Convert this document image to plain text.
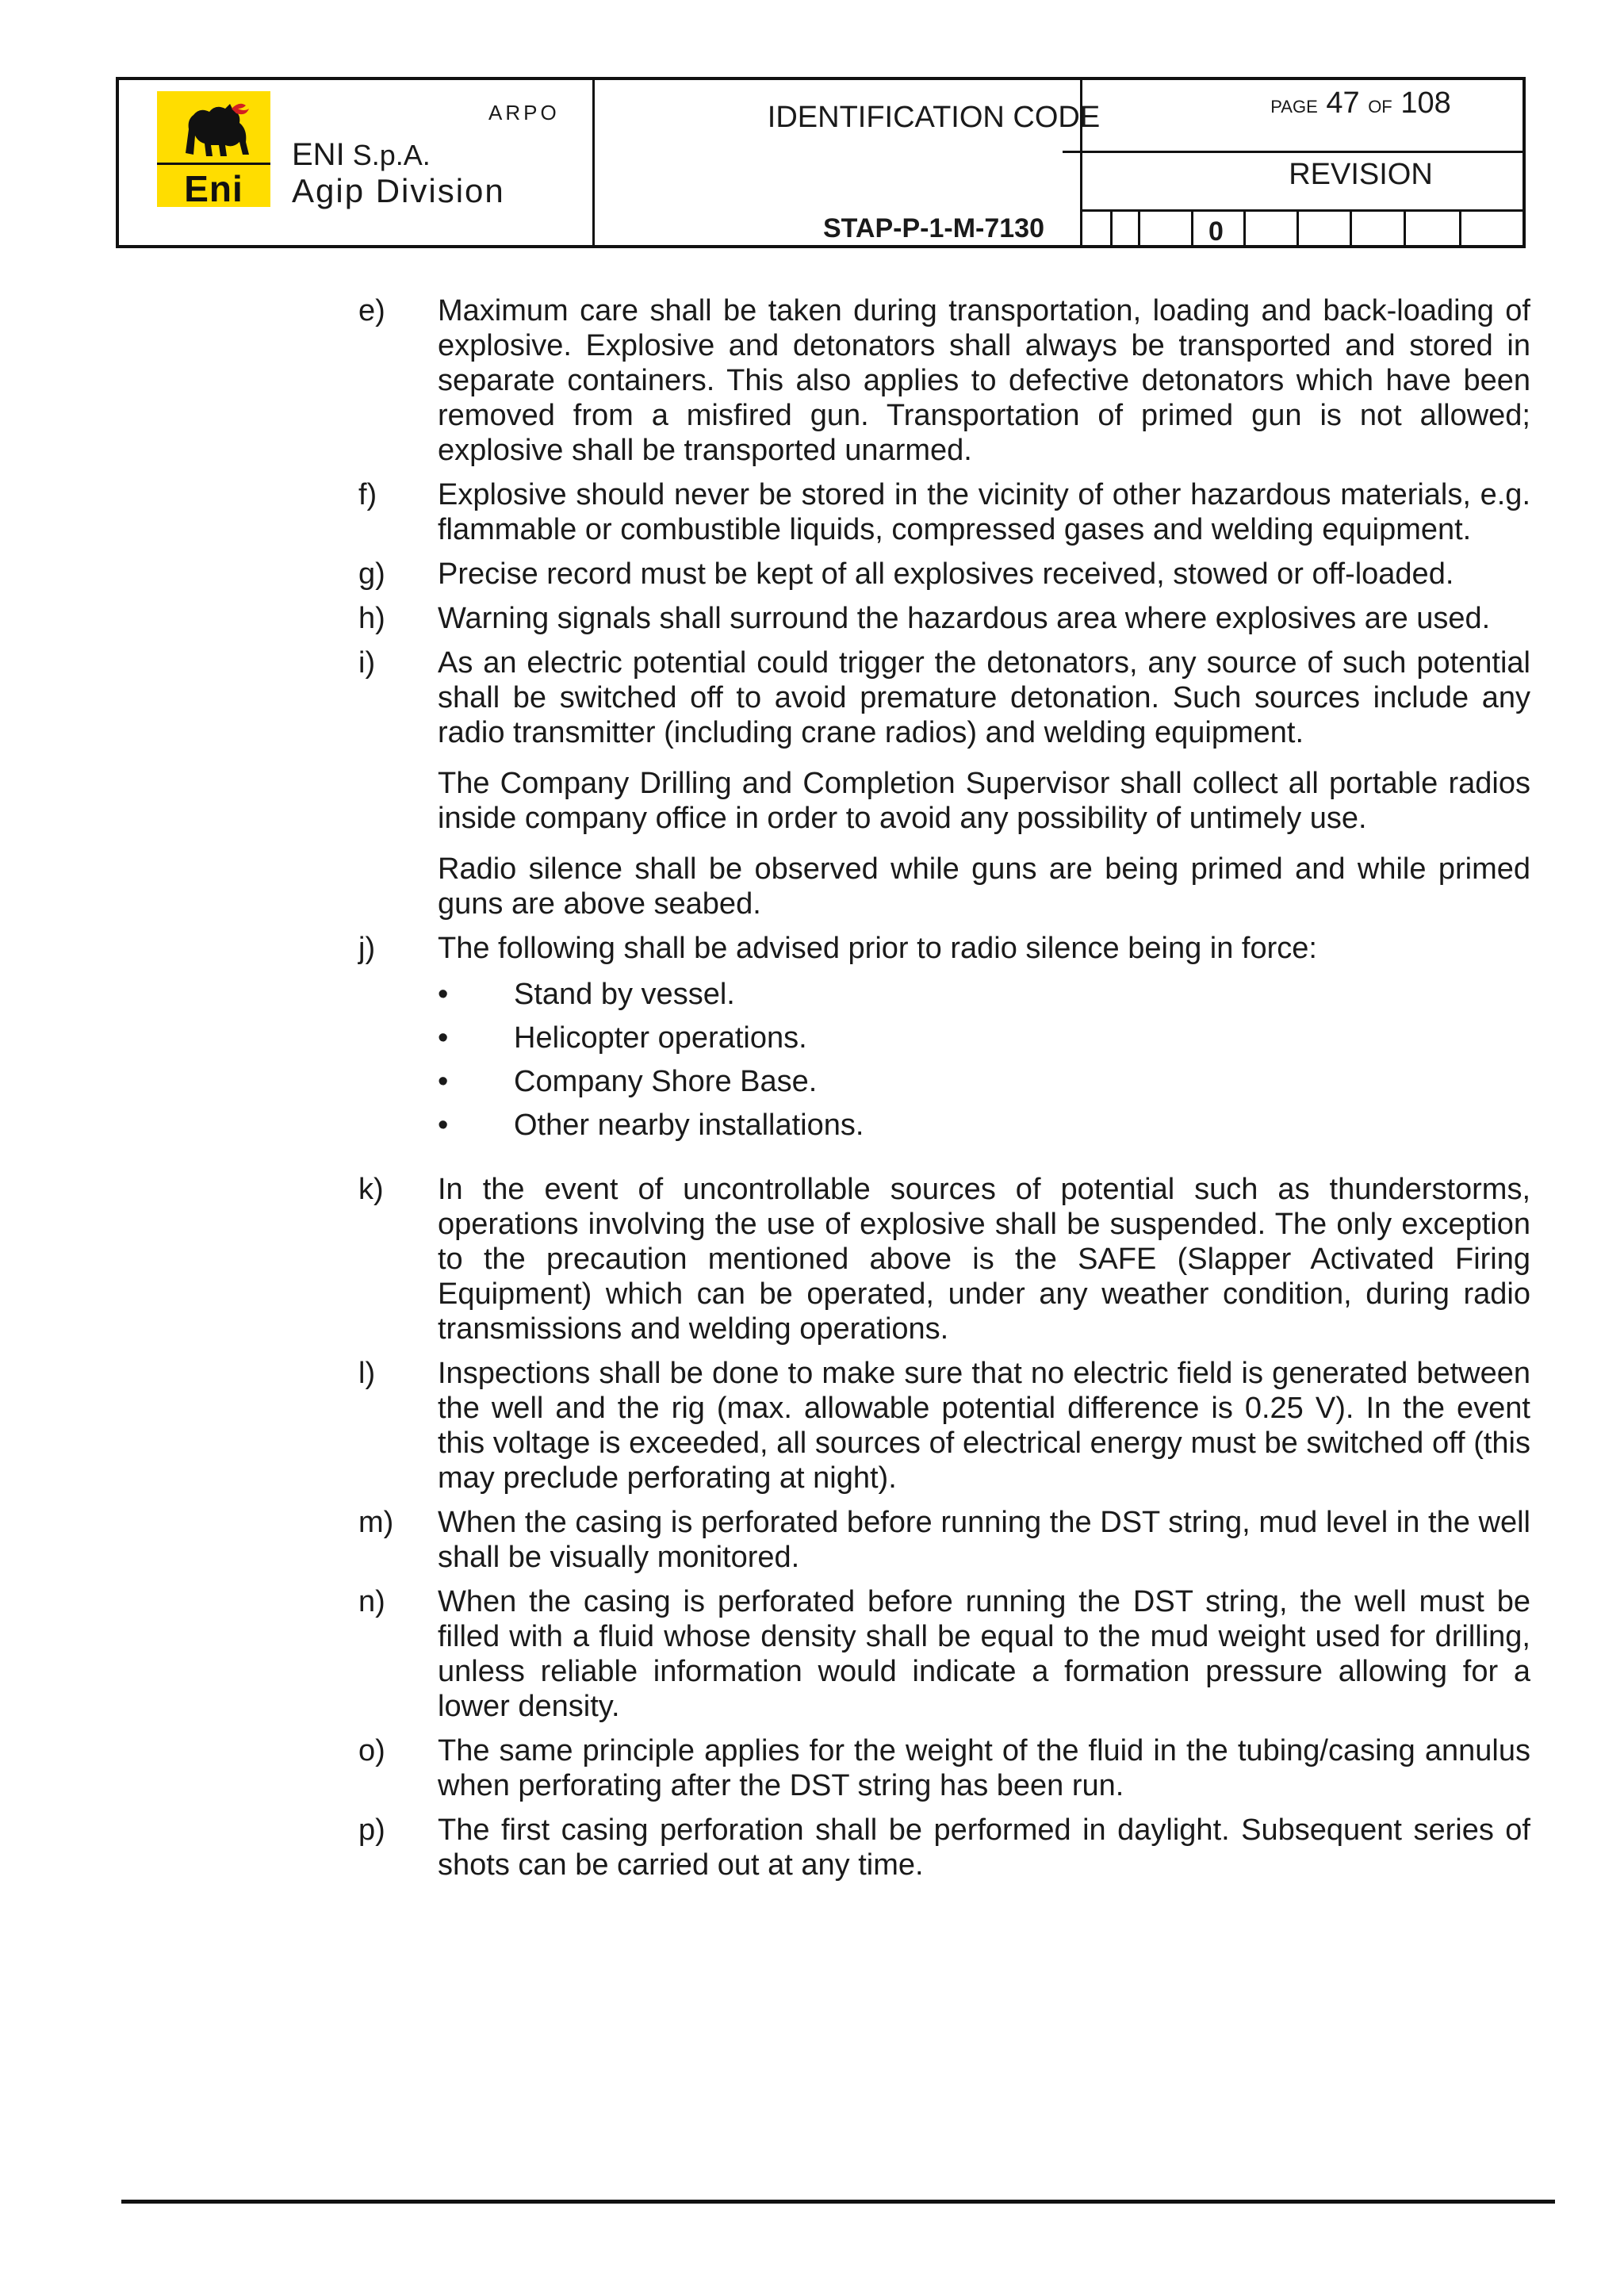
Eni
ARPO
ENI S.p.A.
Agip Division
IDENTIFICATION CODE
STAP-P-1-M-7130
PAGE 47 OF 108
REVISION
0
e) Maximum care shall be taken during transportation, loading and back-loading of explosive. Explosive and detonators shall always be transported and stored in separate containers. This also applies to defective detonators which have been removed from a misfired gun. Transportation of primed gun is not allowed; explosive shall be transported unarmed.

f) Explosive should never be stored in the vicinity of other hazardous materials, e.g. flammable or combustible liquids, compressed gases and welding equipment.

g) Precise record must be kept of all explosives received, stowed or off-loaded.

h) Warning signals shall surround the hazardous area where explosives are used.

i) As an electric potential could trigger the detonators, any source of such potential shall be switched off to avoid premature detonation. Such sources include any radio transmitter (including crane radios) and welding equipment.

The Company Drilling and Completion Supervisor shall collect all portable radios inside company office in order to avoid any possibility of untimely use.

Radio silence shall be observed while guns are being primed and while primed guns are above seabed.

j) The following shall be advised prior to radio silence being in force:

• Stand by vessel.
• Helicopter operations.
• Company Shore Base.
• Other nearby installations.
k) In the event of uncontrollable sources of potential such as thunderstorms, operations involving the use of explosive shall be suspended. The only exception to the precaution mentioned above is the SAFE (Slapper Activated Firing Equipment) which can be operated, under any weather condition, during radio transmissions and welding operations.

l) Inspections shall be done to make sure that no electric field is generated between the well and the rig (max. allowable potential difference is 0.25 V). In the event this voltage is exceeded, all sources of electrical energy must be switched off (this may preclude perforating at night).

m) When the casing is perforated before running the DST string, mud level in the well shall be visually monitored.

n) When the casing is perforated before running the DST string, the well must be filled with a fluid whose density shall be equal to the mud weight used for drilling, unless reliable information would indicate a formation pressure allowing for a lower density.

o) The same principle applies for the weight of the fluid in the tubing/casing annulus when perforating after the DST string has been run.

p) The first casing perforation shall be performed in daylight. Subsequent series of shots can be carried out at any time.
